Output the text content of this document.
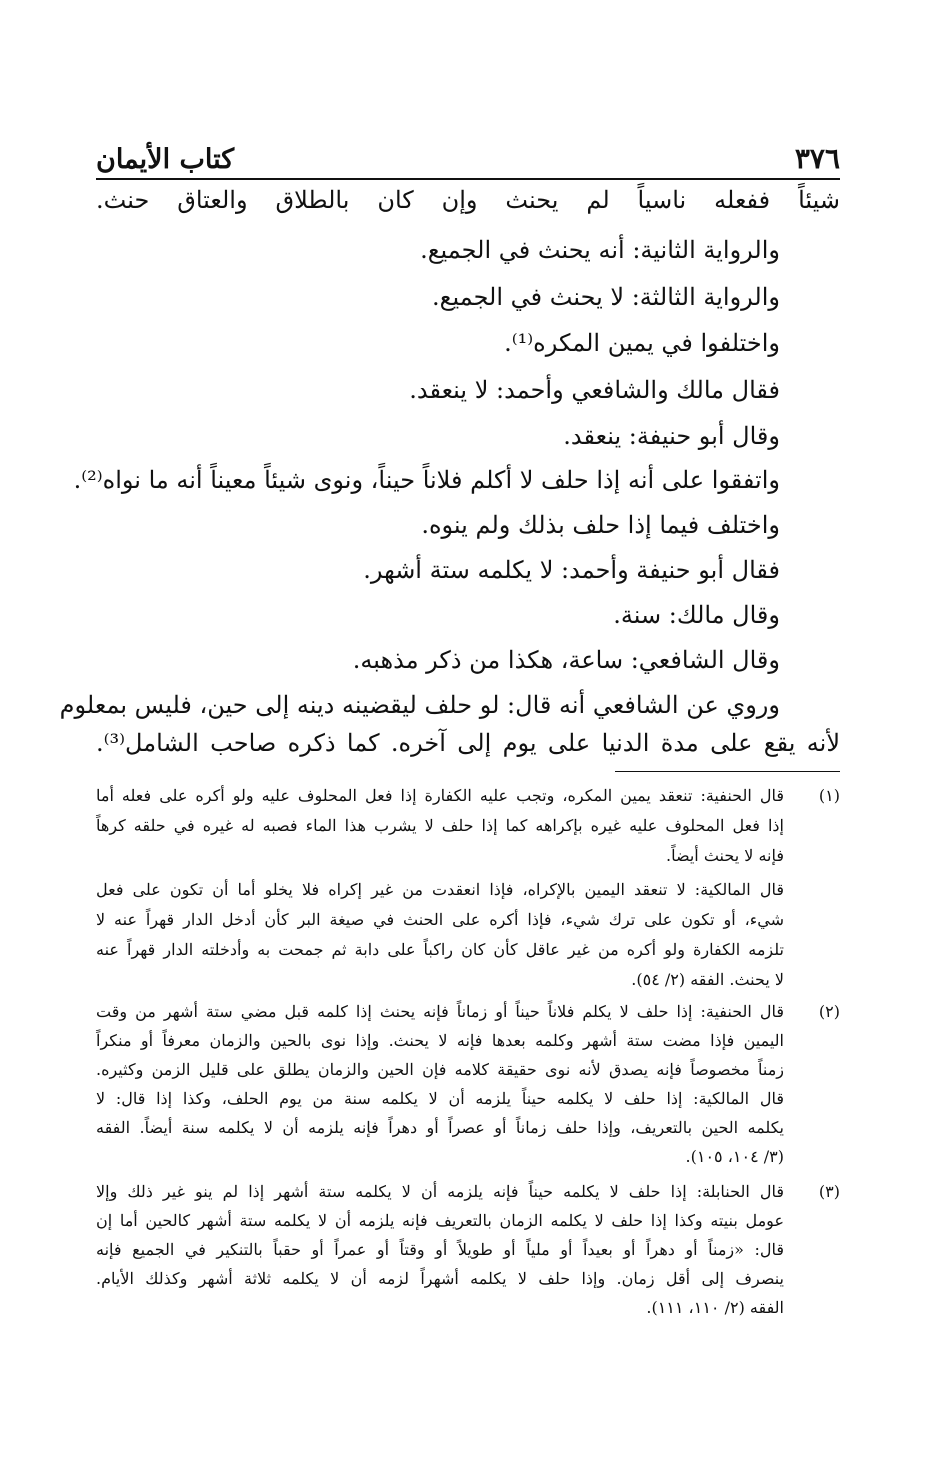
كتاب الأيمان	٣٧٦
شيئاً ففعله ناسياً لم يحنث وإن كان بالطلاق والعتاق حنث.
والرواية الثانية: أنه يحنث في الجميع.
والرواية الثالثة: لا يحنث في الجميع.
واختلفوا في يمين المكره⁽¹⁾.
فقال مالك والشافعي وأحمد: لا ينعقد.
وقال أبو حنيفة: ينعقد.
واتفقوا على أنه إذا حلف لا أكلم فلاناً حيناً، ونوى شيئاً معيناً أنه ما نواه⁽²⁾.
واختلف فيما إذا حلف بذلك ولم ينوه.
فقال أبو حنيفة وأحمد: لا يكلمه ستة أشهر.
وقال مالك: سنة.
وقال الشافعي: ساعة، هكذا من ذكر مذهبه.
وروي عن الشافعي أنه قال: لو حلف ليقضينه دينه إلى حين، فليس بمعلوم
لأنه يقع على مدة الدنيا على يوم إلى آخره. كما ذكره صاحب الشامل⁽³⁾.
(١)
قال الحنفية: تنعقد يمين المكره، وتجب عليه الكفارة إذا فعل المحلوف عليه ولو أكره على فعله أما
إذا فعل المحلوف عليه غيره بإكراهه كما إذا حلف لا يشرب هذا الماء فصبه له غيره في حلقه كرهاً
فإنه لا يحنث أيضاً.
قال المالكية: لا تنعقد اليمين بالإكراه، فإذا انعقدت من غير إكراه فلا يخلو أما أن تكون على فعل
شيء، أو تكون على ترك شيء، فإذا أكره على الحنث في صيغة البر كأن أدخل الدار قهراً عنه لا
تلزمه الكفارة ولو أكره من غير عاقل كأن كان راكباً على دابة ثم جمحت به وأدخلته الدار قهراً عنه
لا يحنث. الفقه (٢/ ٥٤).
(٢)
قال الحنفية: إذا حلف لا يكلم فلاناً حيناً أو زماناً فإنه يحنث إذا كلمه قبل مضي ستة أشهر من وقت
اليمين فإذا مضت ستة أشهر وكلمه بعدها فإنه لا يحنث. وإذا نوى بالحين والزمان معرفاً أو منكراً
زمناً مخصوصاً فإنه يصدق لأنه نوى حقيقة كلامه فإن الحين والزمان يطلق على قليل الزمن وكثيره.
قال المالكية: إذا حلف لا يكلمه حيناً يلزمه أن لا يكلمه سنة من يوم الحلف، وكذا إذا قال: لا
يكلمه الحين بالتعريف، وإذا حلف زماناً أو عصراً أو دهراً فإنه يلزمه أن لا يكلمه سنة أيضاً. الفقه
(٣/ ١٠٤، ١٠٥).
(٣)
قال الحنابلة: إذا حلف لا يكلمه حيناً فإنه يلزمه أن لا يكلمه ستة أشهر إذا لم ينو غير ذلك وإلا
عومل بنيته وكذا إذا حلف لا يكلمه الزمان بالتعريف فإنه يلزمه أن لا يكلمه ستة أشهر كالحين أما إن
قال: «زمناً أو دهراً أو بعيداً أو ملياً أو طويلاً أو وقتاً أو عمراً أو حقباً بالتنكير في الجميع فإنه
ينصرف إلى أقل زمان. وإذا حلف لا يكلمه أشهراً لزمه أن لا يكلمه ثلاثة أشهر وكذلك الأيام.
الفقه (٢/ ١١٠، ١١١).
